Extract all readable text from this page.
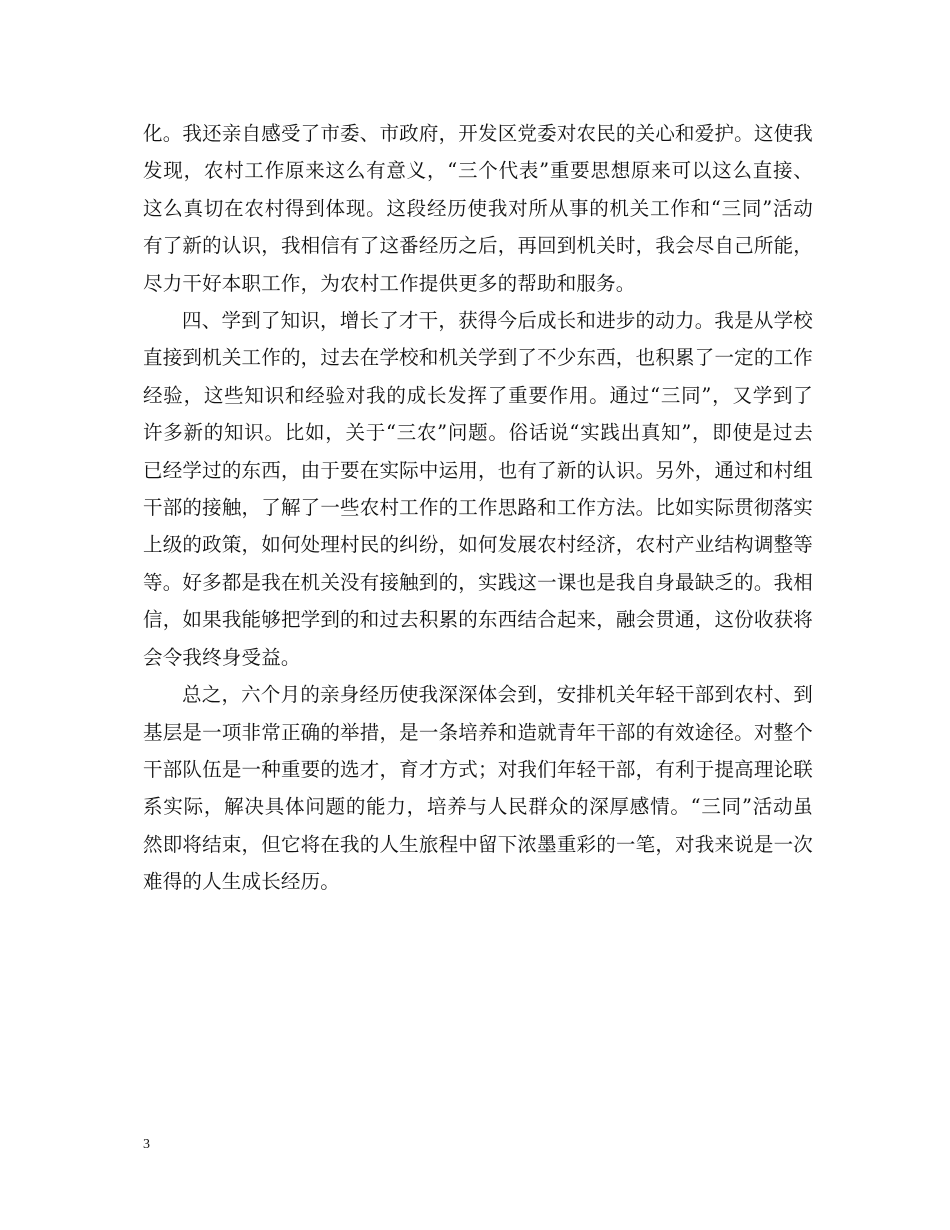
化。我还亲自感受了市委、市政府，开发区党委对农民的关心和爱护。这使我发现，农村工作原来这么有意义，“三个代表”重要思想原来可以这么直接、这么真切在农村得到体现。这段经历使我对所从事的机关工作和“三同”活动有了新的认识，我相信有了这番经历之后，再回到机关时，我会尽自己所能，尽力干好本职工作，为农村工作提供更多的帮助和服务。

四、学到了知识，增长了才干，获得今后成长和进步的动力。我是从学校直接到机关工作的，过去在学校和机关学到了不少东西，也积累了一定的工作经验，这些知识和经验对我的成长发挥了重要作用。通过“三同”，又学到了许多新的知识。比如，关于“三农”问题。俗话说“实践出真知”，即使是过去已经学过的东西，由于要在实际中运用，也有了新的认识。另外，通过和村组干部的接触，了解了一些农村工作的工作思路和工作方法。比如实际贯彻落实上级的政策，如何处理村民的纠纷，如何发展农村经济，农村产业结构调整等等。好多都是我在机关没有接触到的，实践这一课也是我自身最缺乏的。我相信，如果我能够把学到的和过去积累的东西结合起来，融会贯通，这份收获将会令我终身受益。

总之，六个月的亲身经历使我深深体会到，安排机关年轻干部到农村、到基层是一项非常正确的举措，是一条培养和造就青年干部的有效途径。对整个干部队伍是一种重要的选才，育才方式；对我们年轻干部，有利于提高理论联系实际，解决具体问题的能力，培养与人民群众的深厚感情。“三同”活动虽然即将结束，但它将在我的人生旅程中留下浓墨重彩的一笔，对我来说是一次难得的人生成长经历。

3
